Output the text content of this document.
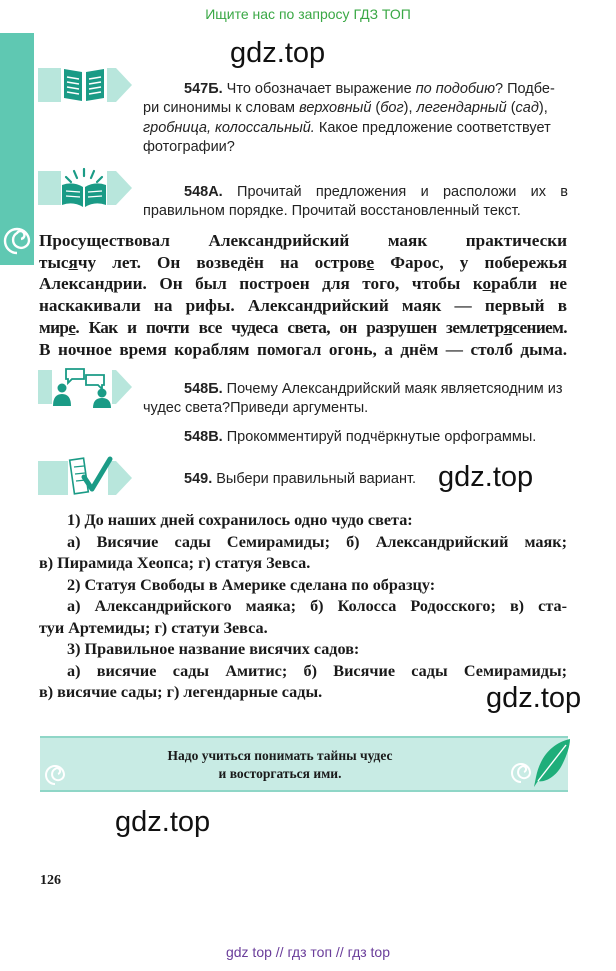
Ищите нас по запросу ГДЗ ТОП
gdz.top
gdz.top
gdz.top
gdz.top
547Б. Что обозначает выражение по подобию? Подбе-
ри синонимы к словам верховный (бог), легендарный (сад),
гробница, колоссальный. Какое предложение соответствует
фотографии?
548А. Прочитай предложения и расположи их в
правильном порядке. Прочитай восстановленный текст.
Просуществовал Александрийский маяк практически
тысячу лет. Он возведён на острове Фарос, у побережья
Александрии. Он был построен для того, чтобы корабли не
наскакивали на рифы. Александрийский маяк — первый в
мире. Как и почти все чудеса света, он разрушен землетрясением.
В ночное время кораблям помогал огонь, а днём — столб дыма.
548Б. Почему Александрийский маяк являетсяодним из
чудес света?Приведи аргументы.
548В. Прокомментируй подчёркнутые орфограммы.
549. Выбери правильный вариант.
1) До наших дней сохранилось одно чудо света:
а) Висячие сады Семирамиды; б) Александрийский маяк;
в) Пирамида Хеопса; г) статуя Зевса.
2) Статуя Свободы в Америке сделана по образцу:
а) Александрийского маяка; б) Колосса Родосского; в) ста-
туи Артемиды; г) статуи Зевса.
3) Правильное название висячих садов:
а) висячие сады Амитис; б) Висячие сады Семирамиды;
в) висячие сады; г) легендарные сады.
Надо учиться понимать тайны чудес
и восторгаться ими.
126
gdz top // гдз топ // гдз top
